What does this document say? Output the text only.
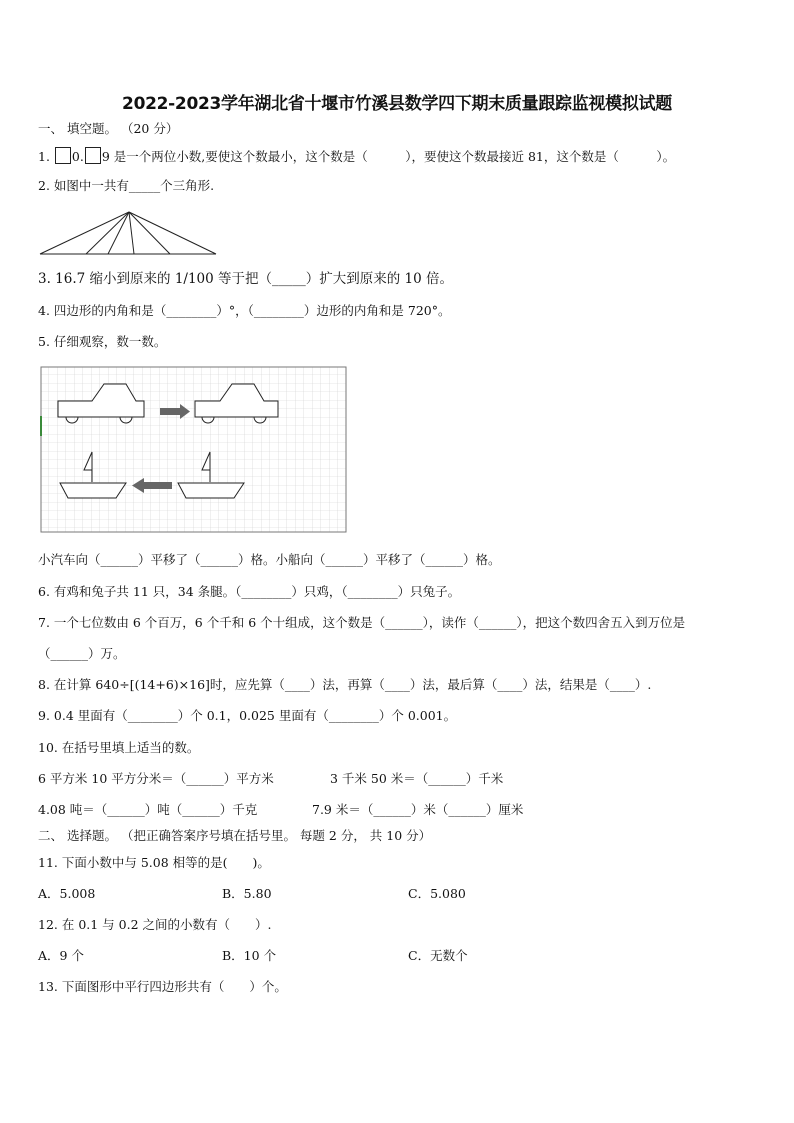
2022-2023学年湖北省十堰市竹溪县数学四下期末质量跟踪监视模拟试题
一、 填空题。 （20 分）
1. 0. 9 是一个两位小数,要使这个数最小，这个数是（　　　），要使这个数最接近 81，这个数是（　　　）。
2. 如图中一共有_____个三角形.
3. 16.7 缩小到原来的 1/100 等于把（_____）扩大到原来的 10 倍。
4. 四边形的内角和是（________）°，（________）边形的内角和是 720°。
5. 仔细观察，数一数。
小汽车向（______）平移了（______）格。小船向（______）平移了（______）格。
6. 有鸡和兔子共 11 只，34 条腿。（________）只鸡，（________）只兔子。
7. 一个七位数由 6 个百万，6 个千和 6 个十组成，这个数是（______），读作（______），把这个数四舍五入到万位是
（______）万。
8. 在计算 640÷[(14+6)×16]时，应先算（____）法，再算（____）法，最后算（____）法，结果是（____）.
9. 0.4 里面有（________）个 0.1，0.025 里面有（________）个 0.001。
10. 在括号里填上适当的数。
6 平方米 10 平方分米＝（______）平方米	3 千米 50 米＝（______）千米
4.08 吨＝（______）吨（______）千克	7.9 米＝（______）米（______）厘米
二、 选择题。 （把正确答案序号填在括号里。 每题 2 分， 共 10 分）
11. 下面小数中与 5.08 相等的是(　　)。
A．5.008	B．5.80	C．5.080
12. 在 0.1 与 0.2 之间的小数有（　　）.
A．9 个	B．10 个	C．无数个
13. 下面图形中平行四边形共有（　　）个。
